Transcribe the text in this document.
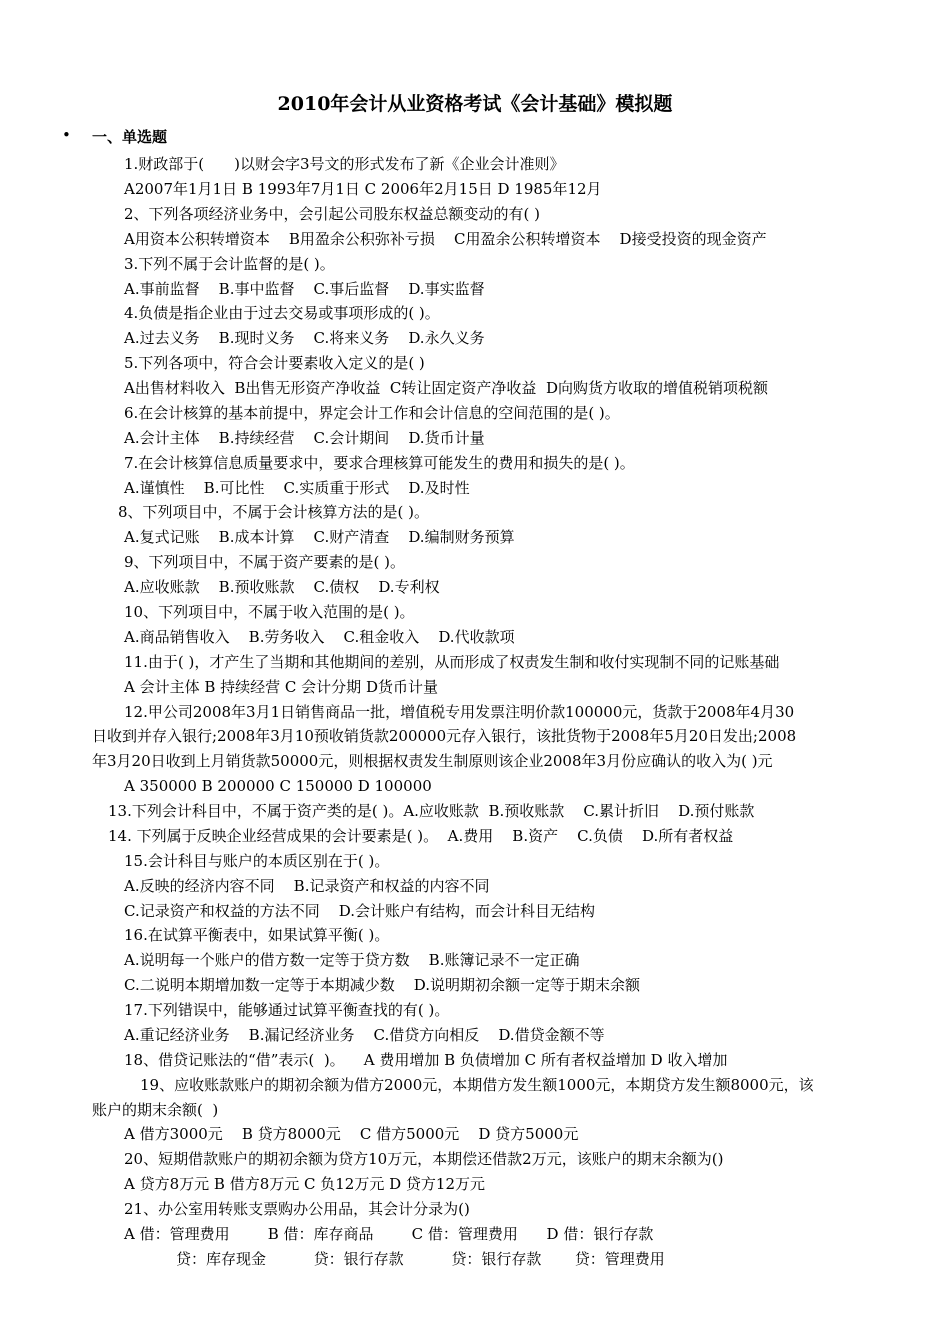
2010年会计从业资格考试《会计基础》模拟题
• 一、单选题
1.财政部于(　　)以财会字3号文的形式发布了新《企业会计准则》
A2007年1月1日 B 1993年7月1日 C 2006年2月15日 D 1985年12月
2、下列各项经济业务中，会引起公司股东权益总额变动的有( )
A用资本公积转增资本    B用盈余公积弥补亏损    C用盈余公积转增资本    D接受投资的现金资产
3.下列不属于会计监督的是( )。
A.事前监督    B.事中监督    C.事后监督    D.事实监督
4.负债是指企业由于过去交易或事项形成的( )。
A.过去义务    B.现时义务    C.将来义务    D.永久义务
5.下列各项中，符合会计要素收入定义的是( )
A出售材料收入  B出售无形资产净收益  C转让固定资产净收益  D向购货方收取的增值税销项税额
6.在会计核算的基本前提中，界定会计工作和会计信息的空间范围的是( )。
A.会计主体    B.持续经营    C.会计期间    D.货币计量
7.在会计核算信息质量要求中，要求合理核算可能发生的费用和损失的是( )。
A.谨慎性    B.可比性    C.实质重于形式    D.及时性
8、下列项目中，不属于会计核算方法的是( )。
A.复式记账    B.成本计算    C.财产清查    D.编制财务预算
9、下列项目中，不属于资产要素的是( )。
A.应收账款    B.预收账款    C.债权    D.专利权
10、下列项目中，不属于收入范围的是( )。
A.商品销售收入    B.劳务收入    C.租金收入    D.代收款项
11.由于( )，才产生了当期和其他期间的差别，从而形成了权责发生制和收付实现制不同的记账基础
A 会计主体 B 持续经营 C 会计分期 D货币计量
12.甲公司2008年3月1日销售商品一批，增值税专用发票注明价款100000元，货款于2008年4月30
日收到并存入银行;2008年3月10预收销货款200000元存入银行，该批货物于2008年5月20日发出;2008
年3月20日收到上月销货款50000元，则根据权责发生制原则该企业2008年3月份应确认的收入为( )元
A 350000 B 200000 C 150000 D 100000
13.下列会计科目中，不属于资产类的是( )。A.应收账款  B.预收账款    C.累计折旧    D.预付账款
14. 下列属于反映企业经营成果的会计要素是( )。  A.费用    B.资产    C.负债    D.所有者权益
15.会计科目与账户的本质区别在于( )。
A.反映的经济内容不同    B.记录资产和权益的内容不同
C.记录资产和权益的方法不同    D.会计账户有结构，而会计科目无结构
16.在试算平衡表中，如果试算平衡( )。
A.说明每一个账户的借方数一定等于贷方数    B.账簿记录不一定正确
C.二说明本期增加数一定等于本期减少数    D.说明期初余额一定等于期末余额
17.下列错误中，能够通过试算平衡查找的有( )。
A.重记经济业务    B.漏记经济业务    C.借贷方向相反    D.借贷金额不等
18、借贷记账法的“借”表示(  )。    A 费用增加 B 负债增加 C 所有者权益增加 D 收入增加
19、应收账款账户的期初余额为借方2000元，本期借方发生额1000元，本期贷方发生额8000元，该
账户的期末余额(  )
A 借方3000元    B 贷方8000元    C 借方5000元    D 贷方5000元
20、短期借款账户的期初余额为贷方10万元，本期偿还借款2万元，该账户的期末余额为()
A 贷方8万元 B 借方8万元 C 负12万元 D 贷方12万元
21、办公室用转账支票购办公用品，其会计分录为()
A 借：管理费用        B 借：库存商品        C 借：管理费用      D 借：银行存款
贷：库存现金          贷：银行存款          贷：银行存款       贷：管理费用
